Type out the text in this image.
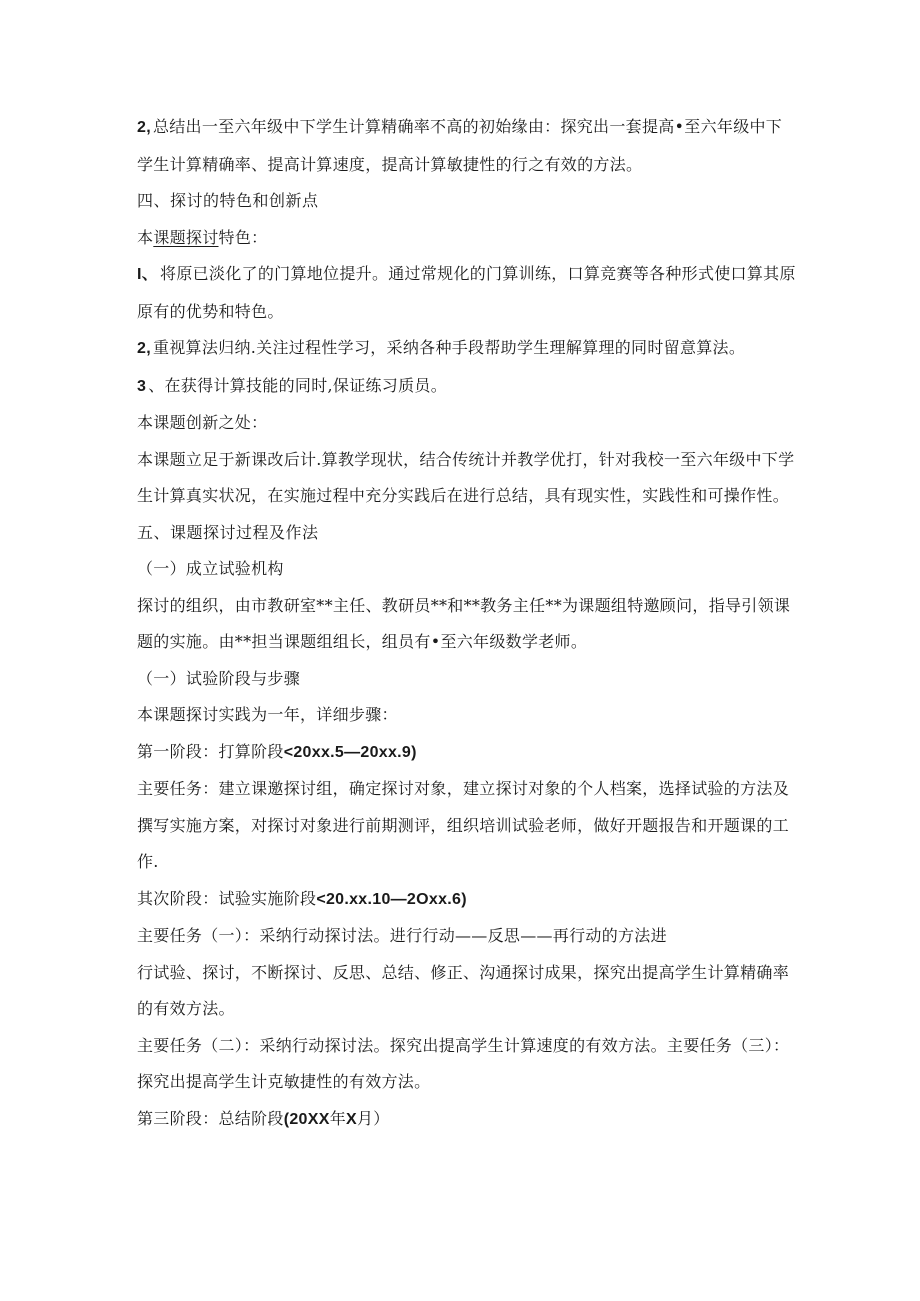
2, 总结出一至六年级中下学生计算精确率不高的初始缘由：探究出一套提高•至六年级中下学生计算精确率、提高计算速度，提高计算敏捷性的行之有效的方法。

四、探讨的特色和创新点

本课题探讨特色：

I、 将原已淡化了的门算地位提升。通过常规化的门算训练，口算竞赛等各种形式使口算其原原有的优势和特色。

2, 重视算法归纳.关注过程性学习，采纳各种手段帮助学生理解算理的同时留意算法。

3 、在获得计算技能的同时,保证练习质员。

本课题创新之处：

本课题立足于新课改后计.算教学现状，结合传统计并教学优打，针对我校一至六年级中下学生计算真实状况，在实施过程中充分实践后在进行总结，具有现实性，实践性和可操作性。

五、课题探讨过程及作法

（一）成立试验机构

探讨的组织，由市教研室**主任、教研员**和**教务主任**为课题组特邀顾问，指导引领课题的实施。由**担当课题组组长，组员有•至六年级数学老师。

（一）试验阶段与步骤

本课题探讨实践为一年，详细步骤：

第一阶段：打算阶段<20xx.5—20xx.9)

主要任务：建立课邀探讨组，确定探讨对象，建立探讨对象的个人档案，选择试验的方法及撰写实施方案，对探讨对象进行前期测评，组织培训试验老师，做好开题报告和开题课的工作.

其次阶段：试验实施阶段<20.xx.10—2Oxx.6)

主要任务（一）：采纳行动探讨法。进行行动——反思——再行动的方法进

行试验、探讨，不断探讨、反思、总结、修正、沟通探讨成果，探究出提高学生计算精确率的有效方法。

主要任务（二）：采纳行动探讨法。探究出提高学生计算速度的有效方法。主要任务（三）：探究出提高学生计克敏捷性的有效方法。

第三阶段：总结阶段(20XX年X月）
